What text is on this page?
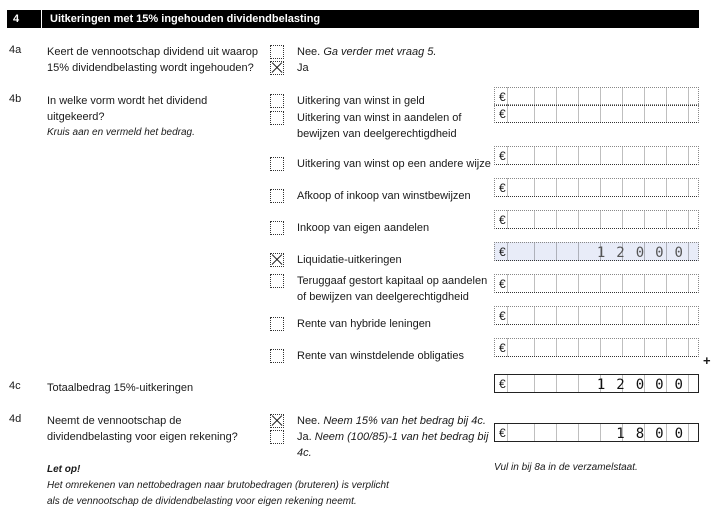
4	Uitkeringen met 15% ingehouden dividendbelasting
4a Keert de vennootschap dividend uit waarop 15% dividendbelasting wordt ingehouden?
Nee. Ga verder met vraag 5.
Ja
4b In welke vorm wordt het dividend uitgekeerd?
Kruis aan en vermeld het bedrag.
Uitkering van winst in geld	€
Uitkering van winst in aandelen of bewijzen van deelgerechtigdheid
€
Uitkering van winst op een andere wijze
€
Afkoop of inkoop van winstbewijzen
€
Inkoop van eigen aandelen
€
Liquidatie-uitkeringen
€	12000
Teruggaaf gestort kapitaal op aandelen of bewijzen van deelgerechtigdheid
€
Rente van hybride leningen
€
Rente van winstdelende obligaties
€
+
4c Totaalbedrag 15%-uitkeringen	€	12000
4d Neemt de vennootschap de dividendbelasting voor eigen rekening?
Nee. Neem 15% van het bedrag bij 4c.
Ja. Neem (100/85)-1 van het bedrag bij 4c.
€	1800
Let op!
Het omrekenen van nettobedragen naar brutobedragen (bruteren) is verplicht
als de vennootschap de dividendbelasting voor eigen rekening neemt.
Vul in bij 8a in de verzamelstaat.
